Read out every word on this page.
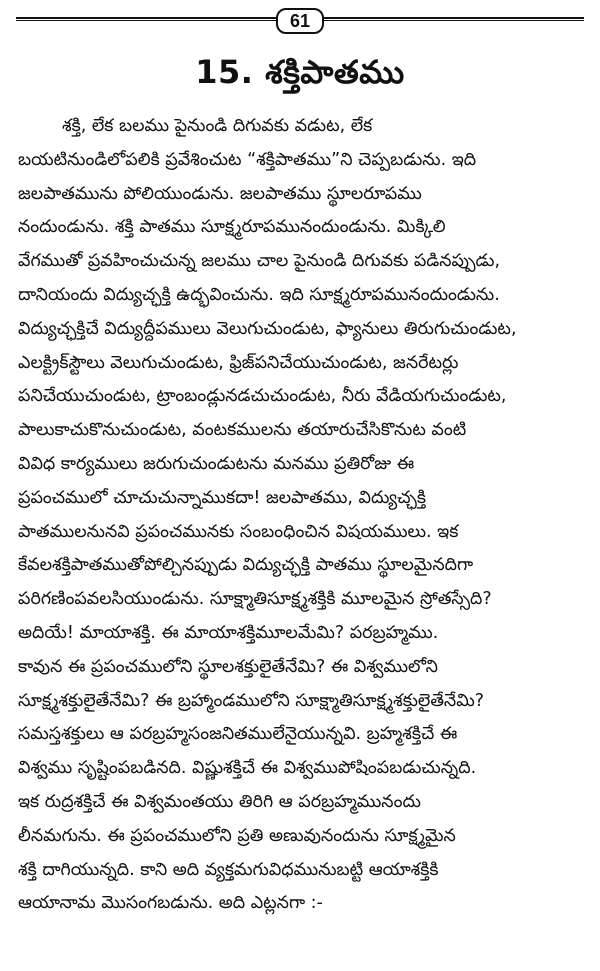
61
15. శక్తిపాతము
శక్తి, లేక బలము పైనుండి దిగువకు వడుట, లేక
బయటినుండిలోపలికి ప్రవేశించుట “శక్తిపాతము”ని చెప్పబడును. ఇది
జలపాతమును పోలియుండును. జలపాతము స్థూలరూపము
నందుండును. శక్తి పాతము సూక్ష్మరూపమునందుండును. మిక్కిలి
వేగముతో ప్రవహించుచున్న జలము చాల పైనుండి దిగువకు పడినప్పుడు,
దానియందు విద్యుచ్ఛక్తి ఉద్భవించును. ఇది సూక్ష్మరూపమునందుండును.
విద్యుచ్ఛక్తిచే విద్యుద్దీపములు వెలుగుచుండుట, ఫ్యానులు తిరుగుచుండుట,
ఎలక్ట్రిక్‌స్టౌలు వెలుగుచుండుట, ఫ్రిజ్‌పనిచేయుచుండుట, జనరేటర్లు
పనిచేయుచుండుట, ట్రాంబండ్లునడచుచుండుట, నీరు వేడియగుచుండుట,
పాలుకాచుకొనుచుండుట, వంటకములను తయారుచేసికొనుట వంటి
వివిధ కార్యములు జరుగుచుండుటను మనము ప్రతిరోజు ఈ
ప్రపంచములో చూచుచున్నాముకదా! జలపాతము, విద్యుచ్ఛక్తి
పాతములనునవి ప్రపంచమునకు సంబంధించిన విషయములు. ఇక
కేవలశక్తిపాతముతోపోల్చినప్పుడు విద్యుచ్ఛక్తి పాతము స్థూలమైనదిగా
పరిగణింపవలసియుండును. సూక్ష్మాతిసూక్ష్మశక్తికి మూలమైన స్రోతస్సేది?
అదియే! మాయాశక్తి. ఈ మాయాశక్తిమూలమేమి? పరబ్రహ్మము.
కావున ఈ ప్రపంచములోని స్థూలశక్తులైతేనేమి? ఈ విశ్వములోని
సూక్ష్మశక్తులైతేనేమి? ఈ బ్రహ్మాండములోని సూక్ష్మాతిసూక్ష్మశక్తులైతేనేమి?
సమస్తశక్తులు ఆ పరబ్రహ్మసంజనితములేనైయున్నవి. బ్రహ్మశక్తిచే ఈ
విశ్వము సృష్టింపబడినది. విష్ణుశక్తిచే ఈ విశ్వముపోషింపబడుచున్నది.
ఇక రుద్రశక్తిచే ఈ విశ్వమంతయు తిరిగి ఆ పరబ్రహ్మమునందు
లీనమగును. ఈ ప్రపంచములోని ప్రతి అణువునందును సూక్ష్మమైన
శక్తి దాగియున్నది. కాని అది వ్యక్తమగువిధమునుబట్టి ఆయాశక్తికి
ఆయానామ మొసంగబడును. అది ఎట్లనగా :-
